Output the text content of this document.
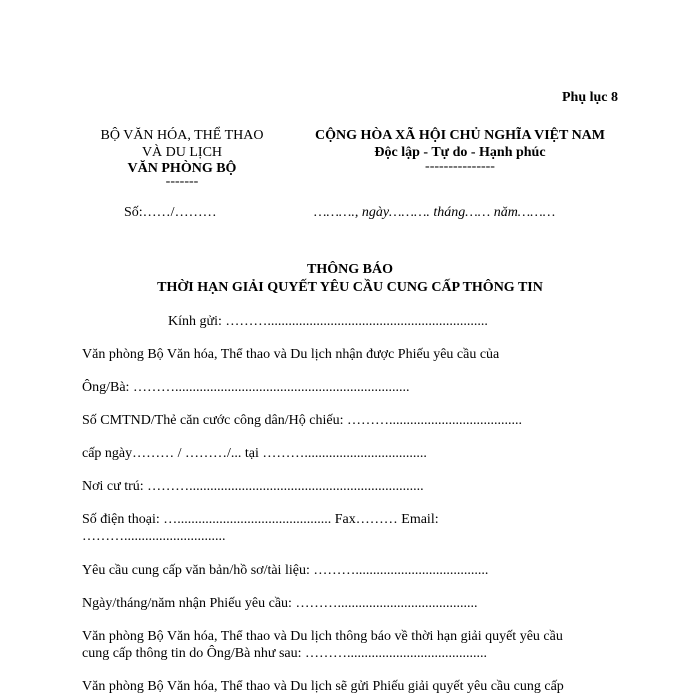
Phụ lục 8
BỘ VĂN HÓA, THỂ THAO
VÀ DU LỊCH
VĂN PHÒNG BỘ
-------
Số:……/………
CỘNG HÒA XÃ HỘI CHỦ NGHĨA VIỆT NAM
Độc lập - Tự do - Hạnh phúc
---------------
………., ngày………. tháng…… năm………
THÔNG BÁO
THỜI HẠN GIẢI QUYẾT YÊU CẦU CUNG CẤP THÔNG TIN
Kính gửi: ………...............................................................
Văn phòng Bộ Văn hóa, Thể thao và Du lịch nhận được Phiếu yêu cầu của
Ông/Bà: ………...................................................................
Số CMTND/Thẻ căn cước công dân/Hộ chiếu: ………......................................
cấp ngày……… / ………/... tại ………...................................
Nơi cư trú: ………...................................................................
Số điện thoại: …............................................ Fax……… Email:
……….............................
Yêu cầu cung cấp văn bản/hồ sơ/tài liệu: ………......................................
Ngày/tháng/năm nhận Phiếu yêu cầu: ………........................................
Văn phòng Bộ Văn hóa, Thể thao và Du lịch thông báo về thời hạn giải quyết yêu cầu
cung cấp thông tin do Ông/Bà như sau: ………........................................
Văn phòng Bộ Văn hóa, Thể thao và Du lịch sẽ gửi Phiếu giải quyết yêu cầu cung cấp
